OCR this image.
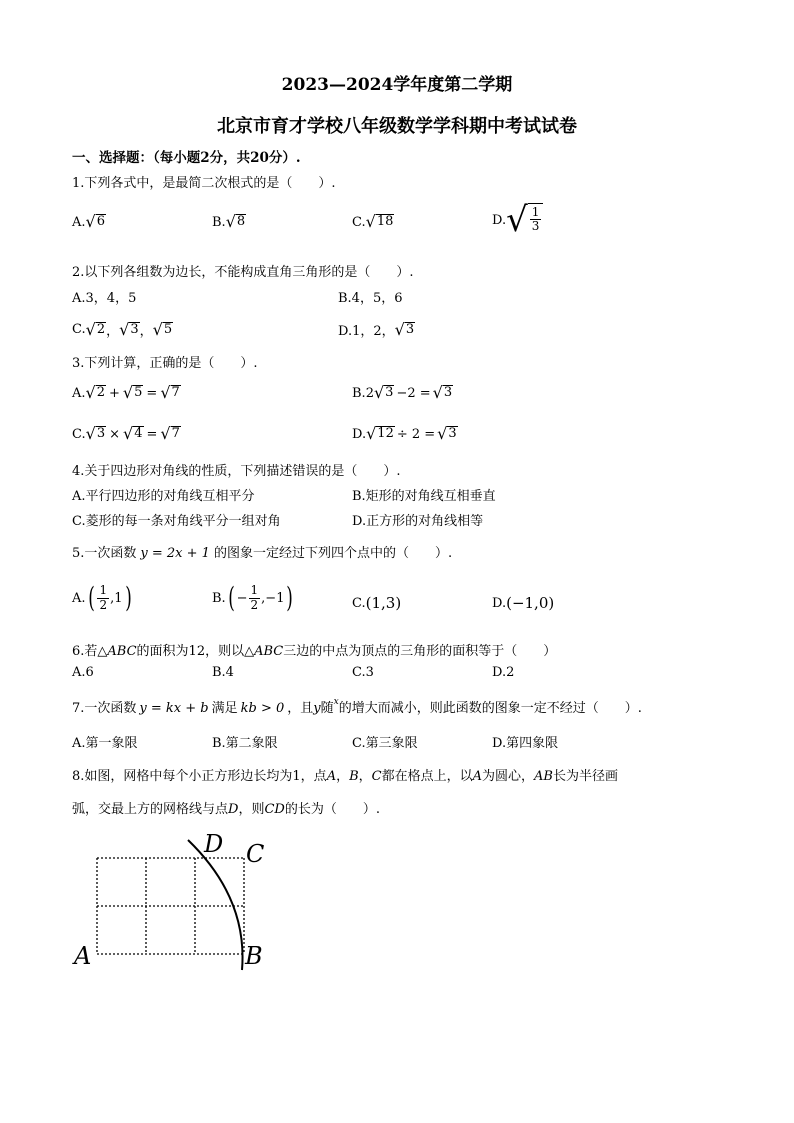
2023—2024学年度第二学期
北京市育才学校八年级数学学科期中考试试卷
一、选择题：（每小题2分，共20分）.
1.下列各式中，是最简二次根式的是（　　）.
A. √ 6	B. √ 8	C. √ 18	D. √ $\frac{1}{3}$
2.以下列各组数为边长，不能构成直角三角形的是（　　）.
A.3，4，5	B.4，5，6
C. √ 2 ， √ 3 ， √ 5	D.1，2， √ 3
3.下列计算，正确的是（　　）.
A. √ 2 + √ 5 = √ 7	B. 2 √ 3 −2 = √ 3
C. √ 3 × √ 4 = √ 7	D. √ 12 ÷ 2 = √ 3
4.关于四边形对角线的性质，下列描述错误的是（　　）.
A.平行四边形的对角线互相平分	B.矩形的对角线互相垂直
C.菱形的每一条对角线平分一组对角	D.正方形的对角线相等
5.一次函数 y = 2x + 1 的图象一定经过下列四个点中的（　　）.
A. ( $\frac{1}{2} ,1$ )	B. ( − $\frac{1}{2} ,-1$ )	C. (1,3)	D. (−1,0)
6.若△ABC的面积为12，则以△ABC三边的中点为顶点的三角形的面积等于（　　）
A.6	B.4	C.3	D.2
7.一次函数 y = kx + b 满足 kb > 0 ，且y随$^x$的增大而减小，则此函数的图象一定不经过（　　）.
A.第一象限	B.第二象限	C.第三象限	D.第四象限
8.如图，网格中每个小正方形边长均为1，点A，B，C都在格点上，以A为圆心，AB长为半径画
弧，交最上方的网格线与点D，则CD的长为（　　）.
D C
A	B
